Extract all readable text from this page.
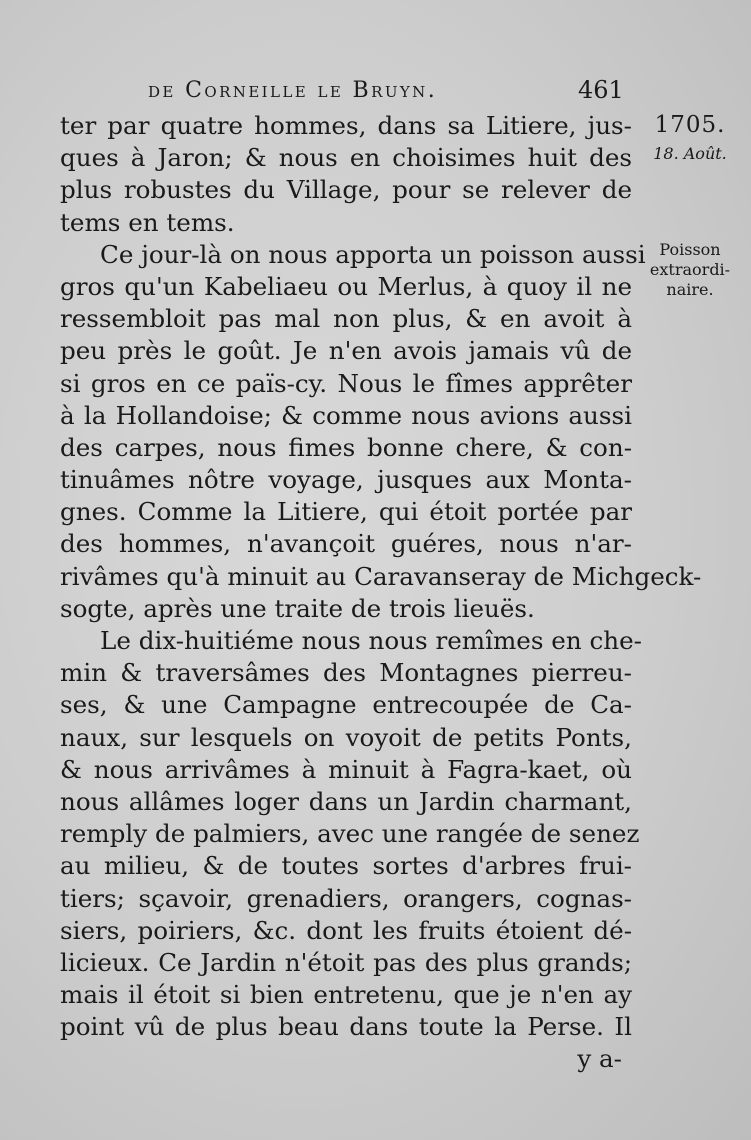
de Corneille le Bruyn.	461
1705.
18. Août.
Poisson
extraordi-
naire.
ter par quatre hommes, dans sa Litiere, jus-
ques à Jaron; & nous en choisimes huit des
plus robustes du Village, pour se relever de
tems en tems.
Ce jour-là on nous apporta un poisson aussi
gros qu'un Kabeliaeu ou Merlus, à quoy il ne
ressembloit pas mal non plus, & en avoit à
peu près le goût. Je n'en avois jamais vû de
si gros en ce païs-cy. Nous le fîmes apprêter
à la Hollandoise; & comme nous avions aussi
des carpes, nous fimes bonne chere, & con-
tinuâmes nôtre voyage, jusques aux Monta-
gnes. Comme la Litiere, qui étoit portée par
des hommes, n'avançoit guéres, nous n'ar-
rivâmes qu'à minuit au Caravanseray de Michgeck-
sogte, après une traite de trois lieuës.
Le dix-huitiéme nous nous remîmes en che-
min & traversâmes des Montagnes pierreu-
ses, & une Campagne entrecoupée de Ca-
naux, sur lesquels on voyoit de petits Ponts,
& nous arrivâmes à minuit à Fagra-kaet, où
nous allâmes loger dans un Jardin charmant,
remply de palmiers, avec une rangée de senez
au milieu, & de toutes sortes d'arbres frui-
tiers; sçavoir, grenadiers, orangers, cognas-
siers, poiriers, &c. dont les fruits étoient dé-
licieux. Ce Jardin n'étoit pas des plus grands;
mais il étoit si bien entretenu, que je n'en ay
point vû de plus beau dans toute la Perse. Il
y a-
